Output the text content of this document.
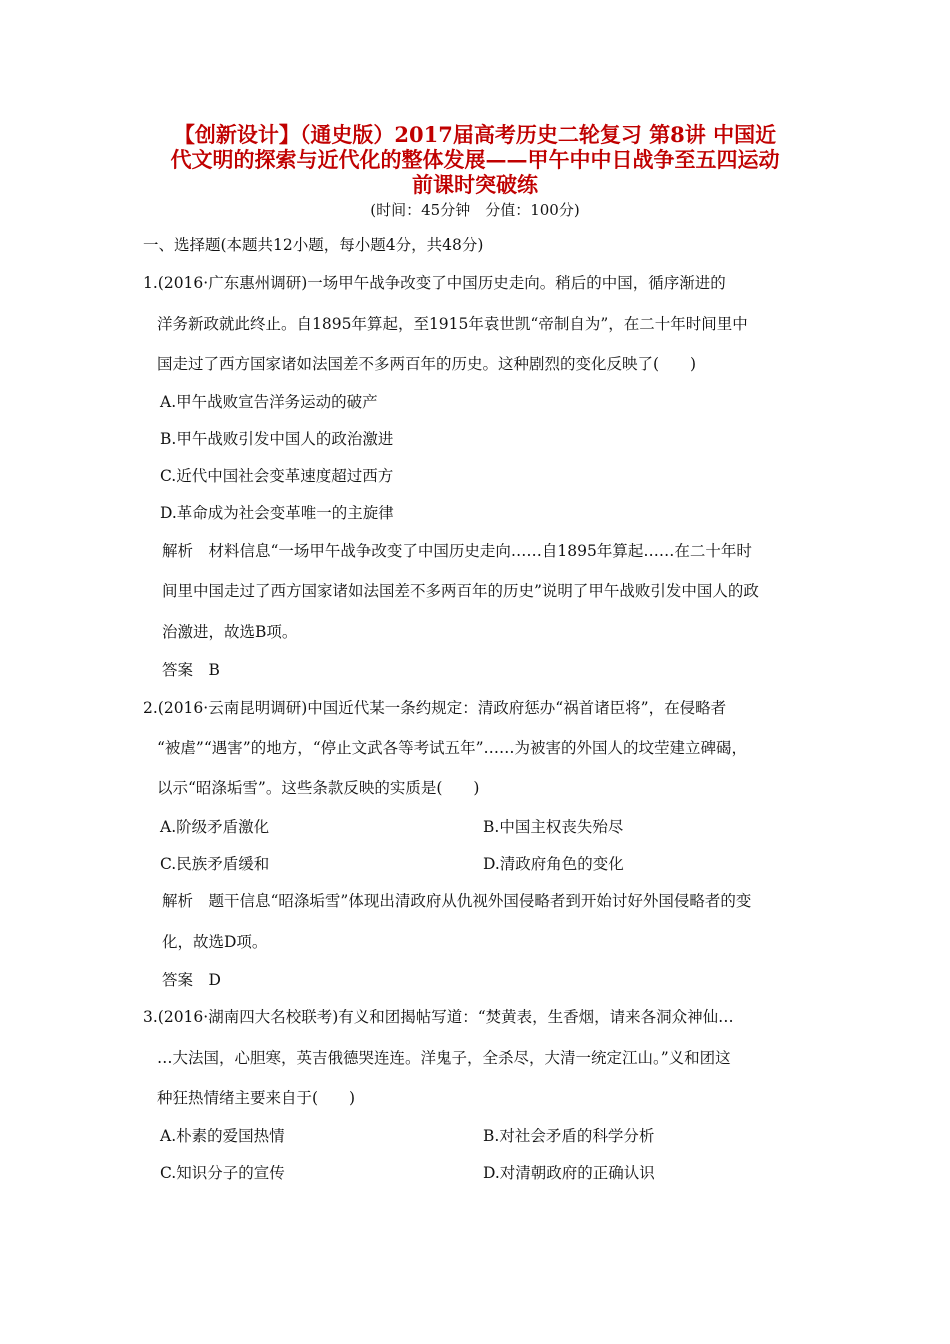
【创新设计】（通史版）2017届高考历史二轮复习 第8讲 中国近
代文明的探索与近代化的整体发展——甲午中中日战争至五四运动
前课时突破练
(时间：45分钟　分值：100分)
一、选择题(本题共12小题，每小题4分，共48分)
1.(2016·广东惠州调研)一场甲午战争改变了中国历史走向。稍后的中国，循序渐进的
洋务新政就此终止。自1895年算起，至1915年袁世凯“帝制自为”，在二十年时间里中
国走过了西方国家诸如法国差不多两百年的历史。这种剧烈的变化反映了(　　)
A.甲午战败宣告洋务运动的破产
B.甲午战败引发中国人的政治激进
C.近代中国社会变革速度超过西方
D.革命成为社会变革唯一的主旋律
解析　材料信息“一场甲午战争改变了中国历史走向……自1895年算起……在二十年时
间里中国走过了西方国家诸如法国差不多两百年的历史”说明了甲午战败引发中国人的政
治激进，故选B项。
答案　B
2.(2016·云南昆明调研)中国近代某一条约规定：清政府惩办“祸首诸臣将”，在侵略者
“被虐”“遇害”的地方，“停止文武各等考试五年”……为被害的外国人的坟茔建立碑碣，
以示“昭涤垢雪”。这些条款反映的实质是(　　)
A.阶级矛盾激化	B.中国主权丧失殆尽
C.民族矛盾缓和	D.清政府角色的变化
解析　题干信息“昭涤垢雪”体现出清政府从仇视外国侵略者到开始讨好外国侵略者的变
化，故选D项。
答案　D
3.(2016·湖南四大名校联考)有义和团揭帖写道：“焚黄表，生香烟，请来各洞众神仙…
…大法国，心胆寒，英吉俄德哭连连。洋鬼子，全杀尽，大清一统定江山。”义和团这
种狂热情绪主要来自于(　　)
A.朴素的爱国热情	B.对社会矛盾的科学分析
C.知识分子的宣传	D.对清朝政府的正确认识
